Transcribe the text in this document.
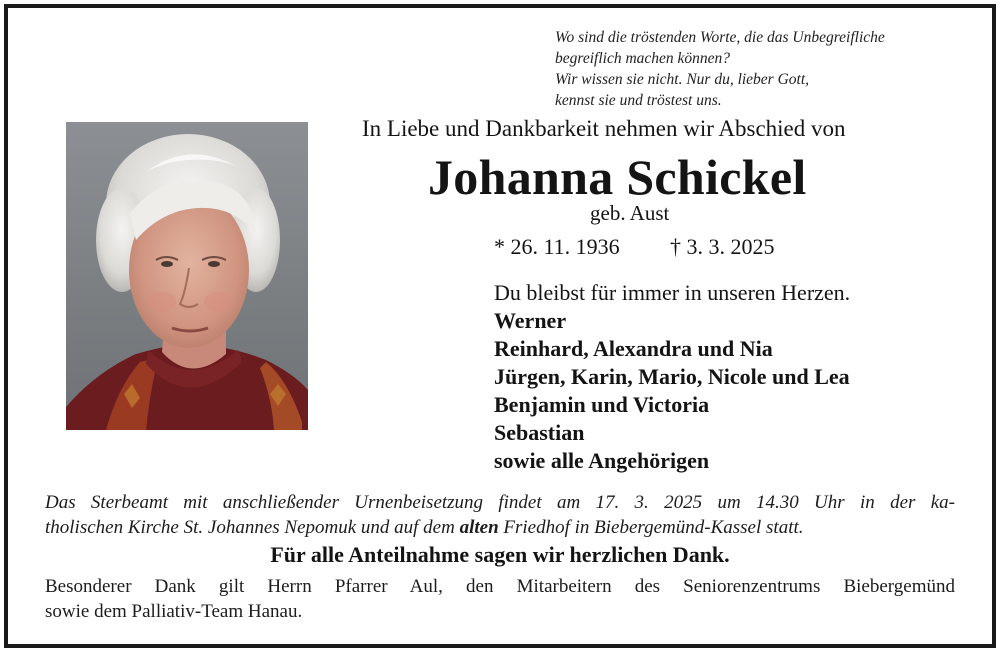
Wo sind die tröstenden Worte, die das Unbegreifliche
begreiflich machen können?
Wir wissen sie nicht. Nur du, lieber Gott,
kennst sie und tröstest uns.
In Liebe und Dankbarkeit nehmen wir Abschied von
Johanna Schickel
geb. Aust
* 26. 11. 1936 † 3. 3. 2025
Du bleibst für immer in unseren Herzen.
Werner
Reinhard, Alexandra und Nia
Jürgen, Karin, Mario, Nicole und Lea
Benjamin und Victoria
Sebastian
sowie alle Angehörigen
Das Sterbeamt mit anschließender Urnenbeisetzung findet am 17. 3. 2025 um 14.30 Uhr in der ka-
tholischen Kirche St. Johannes Nepomuk und auf dem alten Friedhof in Biebergemünd-Kassel statt.
Für alle Anteilnahme sagen wir herzlichen Dank.
Besonderer Dank gilt Herrn Pfarrer Aul, den Mitarbeitern des Seniorenzentrums Biebergemünd
sowie dem Palliativ-Team Hanau.
